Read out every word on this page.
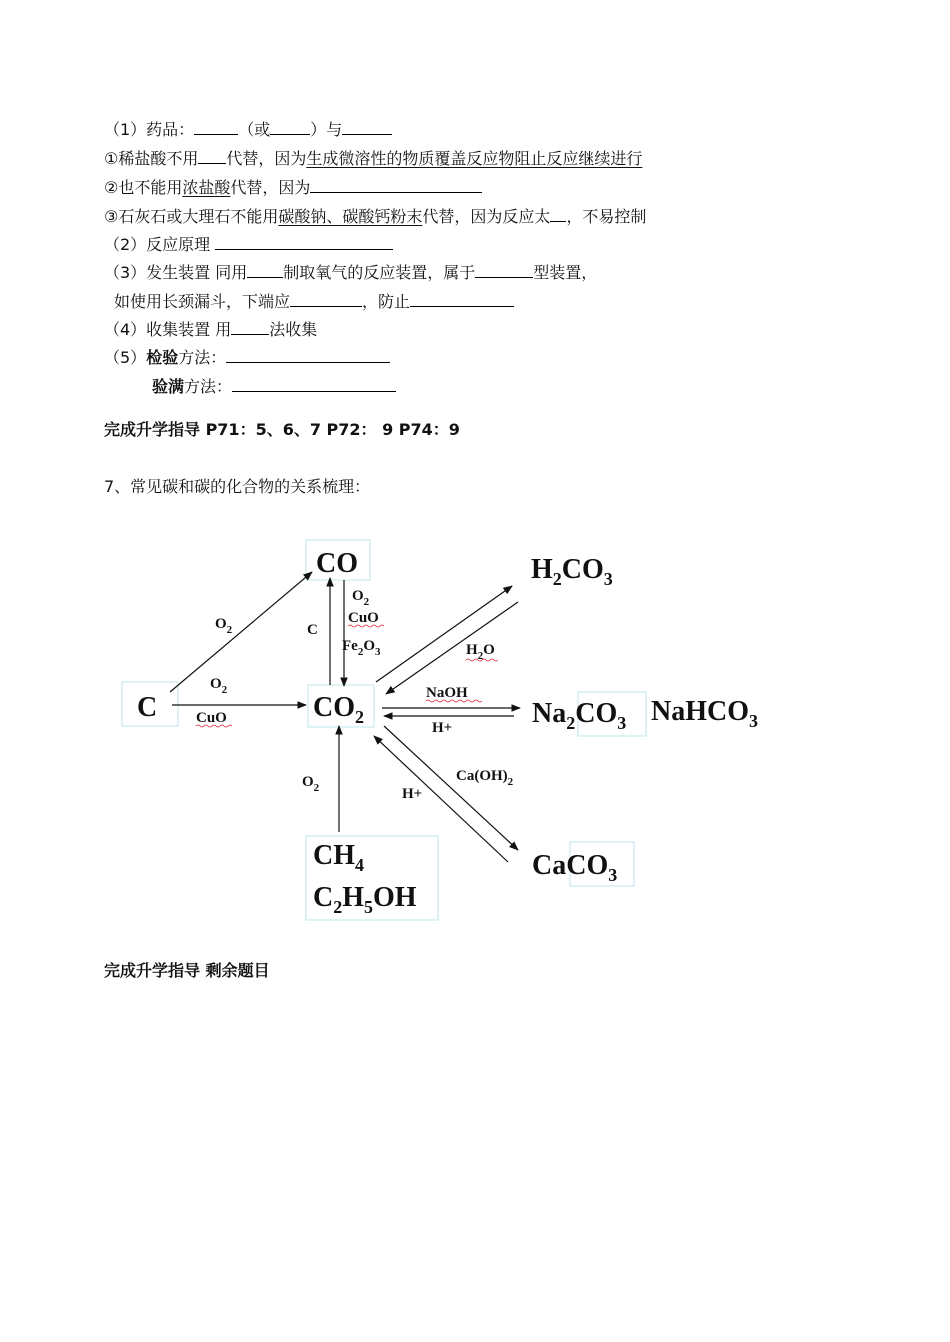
（1）药品：	（或	）与
①稀盐酸不用 代替，因为生成微溶性的物质覆盖反应物阻止反应继续进行
②也不能用浓盐酸代替，因为
③石灰石或大理石不能用碳酸钠、碳酸钙粉末代替，因为反应太 ，不易控制
（2）反应原理
（3）发生装置 同用 制取氧气的反应装置，属于	型装置，
如使用长颈漏斗，下端应	，防止
（4）收集装置 用 法收集
（5）检验方法：
验满方法：
完成升学指导 P71：5、6、7 P72： 9 P74：9
7、常见碳和碳的化合物的关系梳理：
C
CO
$CO_2$
$H_2CO_3$
$Na_2CO_3$ NaHCO$_3$
CaCO$_3$
$CH_4$
$C_2H_5OH$
$O_2$
$O_2$
CuO
C
$O_2$
CuO
$Fe_2O_3$	$H_2O$
NaOH
H+
$Ca(OH)_2$
H+
$O_2$
完成升学指导 剩余题目
